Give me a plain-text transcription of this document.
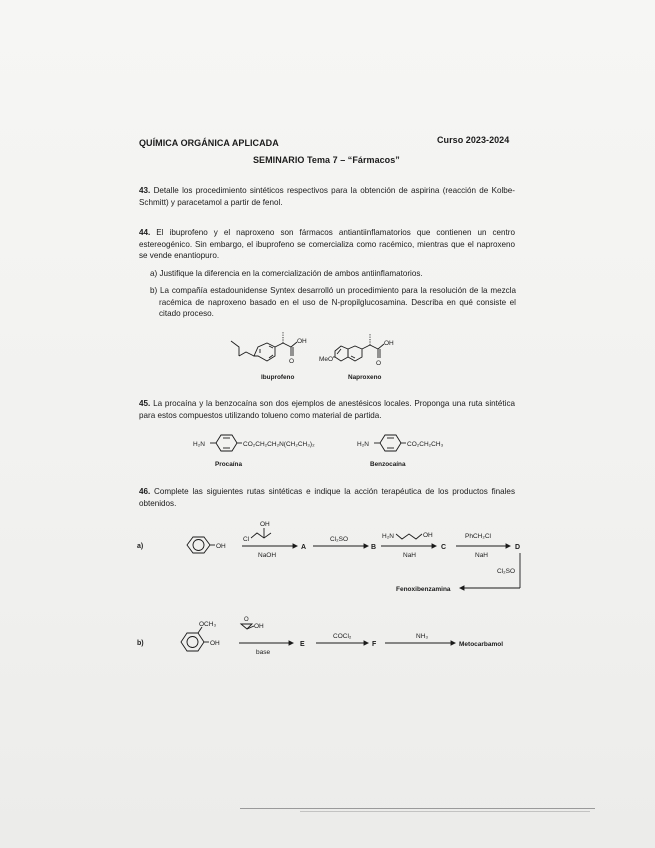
QUÍMICA ORGÁNICA APLICADA	Curso 2023-2024
SEMINARIO Tema 7 – “Fármacos”
43. Detalle los procedimiento sintéticos respectivos para la obtención de aspirina (reacción de Kolbe-Schmitt) y paracetamol a partir de fenol.
44. El ibuprofeno y el naproxeno son fármacos antiantiinflamatorios que contienen un centro estereogénico. Sin embargo, el ibuprofeno se comercializa como racémico, mientras que el naproxeno se vende enantiopuro.
a) Justifique la diferencia en la comercialización de ambos antiinflamatorios.
b) La compañía estadounidense Syntex desarrolló un procedimiento para la resolución de la mezcla racémica de naproxeno basado en el uso de N-propilglucosamina. Describa en qué consiste el citado proceso.
OH
O	MeO
OH
O
Ibuprofeno	Naproxeno
45. La procaína y la benzocaína son dos ejemplos de anestésicos locales. Proponga una ruta sintética para estos compuestos utilizando tolueno como material de partida.
H₂N	CO₂CH₂CH₂N(CH₂CH₃)₂
Procaína
H₂N	CO₂CH₂CH₃
Benzocaína
46. Complete las siguientes rutas sintéticas e indique la acción terapéutica de los productos finales obtenidos.
a)	OH
Cl
OH
NaOH
A
Cl₂SO
B
H₂N	OH
NaH
C
PhCH₂Cl
NaH
D
Cl₂SO
Fenoxibenzamina
b)
OCH₃
OH
O
OH
base
E
COCl₂
F
NH₃
Metocarbamol
